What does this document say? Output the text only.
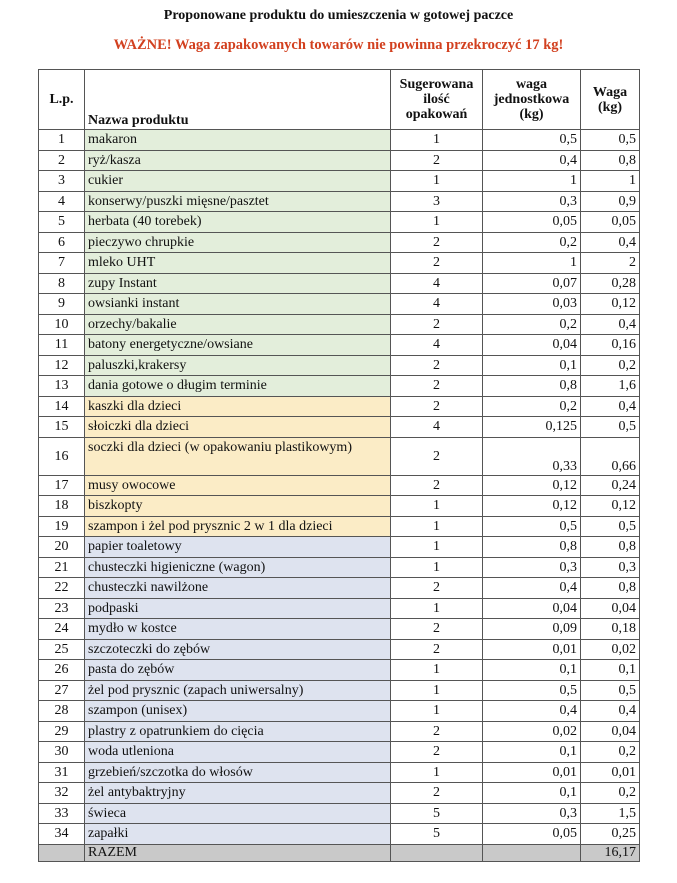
Proponowane produktu do umieszczenia w gotowej paczce
WAŻNE! Waga zapakowanych towarów nie powinna przekroczyć 17 kg!
L.p.	Nazwa produktu	Sugerowana
ilość
opakowań	waga
jednostkowa
(kg)	Waga
(kg)
1	makaron	1	0,5	0,5
2	ryż/kasza	2	0,4	0,8
3	cukier	1	1	1
4	konserwy/puszki mięsne/pasztet	3	0,3	0,9
5	herbata (40 torebek)	1	0,05	0,05
6	pieczywo chrupkie	2	0,2	0,4
7	mleko UHT	2	1	2
8	zupy Instant	4	0,07	0,28
9	owsianki instant	4	0,03	0,12
10	orzechy/bakalie	2	0,2	0,4
11	batony energetyczne/owsiane	4	0,04	0,16
12	paluszki,krakersy	2	0,1	0,2
13	dania gotowe o długim terminie	2	0,8	1,6
14	kaszki dla dzieci	2	0,2	0,4
15	słoiczki dla dzieci	4	0,125	0,5
16	soczki dla dzieci (w opakowaniu plastikowym)	2	0,33	0,66
17	musy owocowe	2	0,12	0,24
18	biszkopty	1	0,12	0,12
19	szampon i żel pod prysznic 2 w 1 dla dzieci	1	0,5	0,5
20	papier toaletowy	1	0,8	0,8
21	chusteczki higieniczne (wagon)	1	0,3	0,3
22	chusteczki nawilżone	2	0,4	0,8
23	podpaski	1	0,04	0,04
24	mydło w kostce	2	0,09	0,18
25	szczoteczki do zębów	2	0,01	0,02
26	pasta do zębów	1	0,1	0,1
27	żel pod prysznic (zapach uniwersalny)	1	0,5	0,5
28	szampon (unisex)	1	0,4	0,4
29	plastry z opatrunkiem do cięcia	2	0,02	0,04
30	woda utleniona	2	0,1	0,2
31	grzebień/szczotka do włosów	1	0,01	0,01
32	żel antybaktryjny	2	0,1	0,2
33	świeca	5	0,3	1,5
34	zapałki	5	0,05	0,25
	RAZEM			16,17
